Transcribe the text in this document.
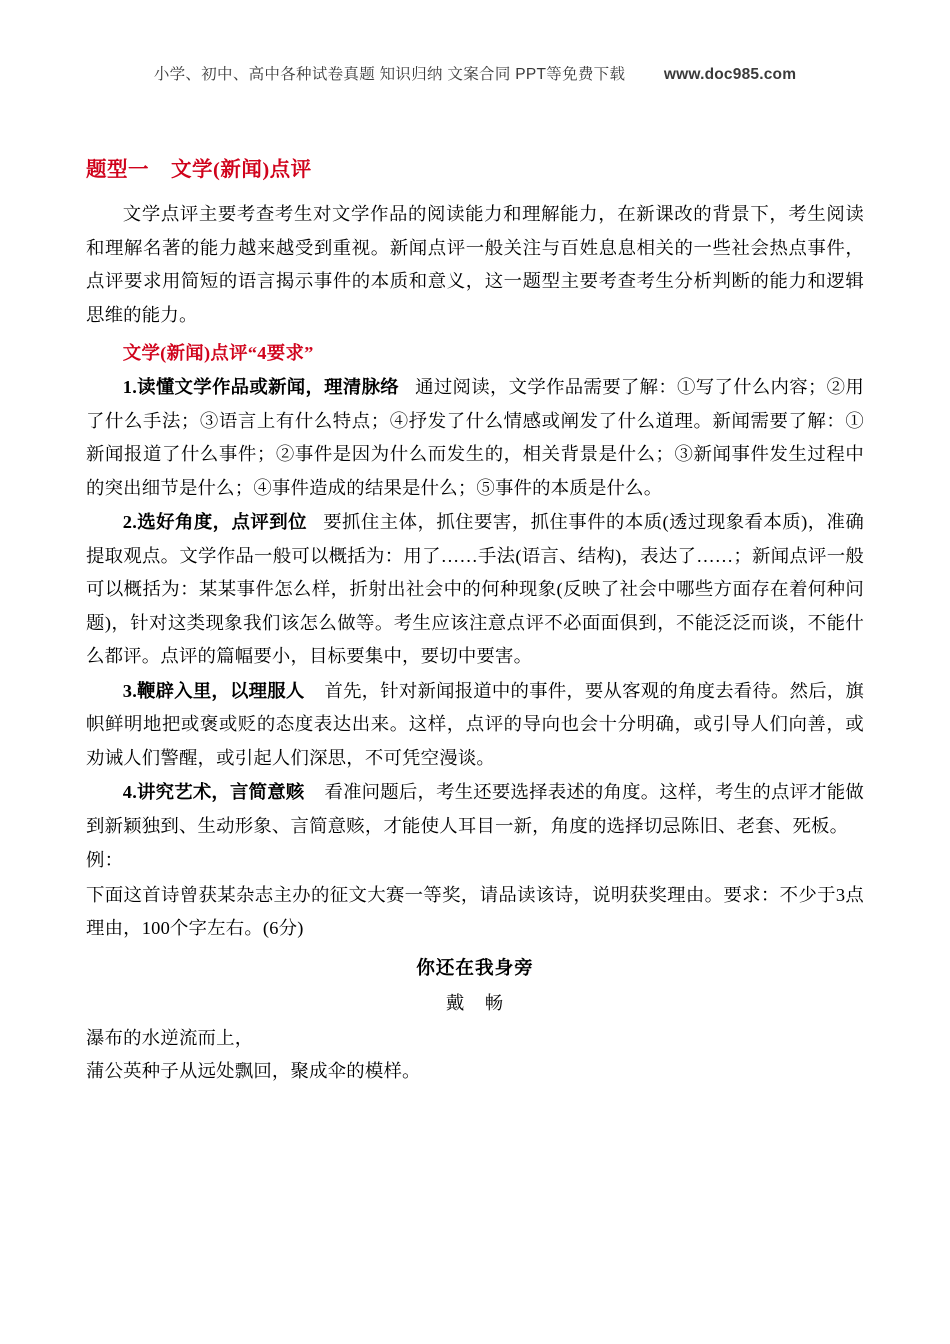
小学、初中、高中各种试卷真题 知识归纳 文案合同 PPT等免费下载 www.doc985.com
题型一 文学(新闻)点评

文学点评主要考查考生对文学作品的阅读能力和理解能力，在新课改的背景下，考生阅读和理解名著的能力越来越受到重视。新闻点评一般关注与百姓息息相关的一些社会热点事件，点评要求用简短的语言揭示事件的本质和意义，这一题型主要考查考生分析判断的能力和逻辑思维的能力。

文学(新闻)点评“4要求”

1.读懂文学作品或新闻，理清脉络 通过阅读，文学作品需要了解：①写了什么内容；②用了什么手法；③语言上有什么特点；④抒发了什么情感或阐发了什么道理。新闻需要了解：①新闻报道了什么事件；②事件是因为什么而发生的，相关背景是什么；③新闻事件发生过程中的突出细节是什么；④事件造成的结果是什么；⑤事件的本质是什么。

2.选好角度，点评到位 要抓住主体，抓住要害，抓住事件的本质(透过现象看本质)，准确提取观点。文学作品一般可以概括为：用了……手法(语言、结构)，表达了……；新闻点评一般可以概括为：某某事件怎么样，折射出社会中的何种现象(反映了社会中哪些方面存在着何种问题)，针对这类现象我们该怎么做等。考生应该注意点评不必面面俱到，不能泛泛而谈，不能什么都评。点评的篇幅要小，目标要集中，要切中要害。

3.鞭辟入里，以理服人 首先，针对新闻报道中的事件，要从客观的角度去看待。然后，旗帜鲜明地把或褒或贬的态度表达出来。这样，点评的导向也会十分明确，或引导人们向善，或劝诫人们警醒，或引起人们深思，不可凭空漫谈。

4.讲究艺术，言简意赅 看准问题后，考生还要选择表述的角度。这样，考生的点评才能做到新颖独到、生动形象、言简意赅，才能使人耳目一新，角度的选择切忌陈旧、老套、死板。

例：

下面这首诗曾获某杂志主办的征文大赛一等奖，请品读该诗，说明获奖理由。要求：不少于3点理由，100个字左右。(6分)

你还在我身旁

戴　畅

瀑布的水逆流而上，

蒲公英种子从远处飘回，聚成伞的模样。
